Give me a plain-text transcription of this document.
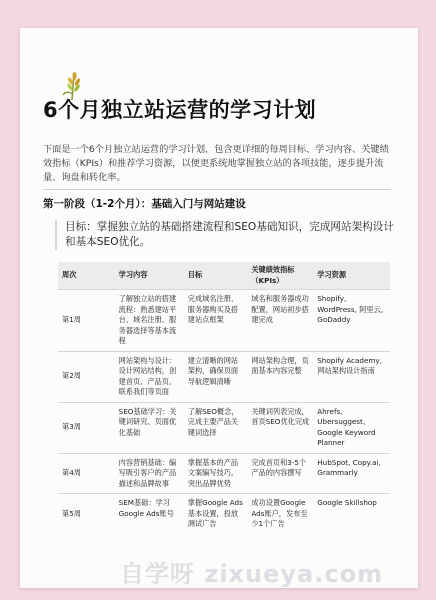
6个月独立站运营的学习计划
下面是一个6个月独立站运营的学习计划，包含更详细的每周目标、学习内容、关键绩效指标（KPIs）和推荐学习资源，以便更系统地掌握独立站的各项技能，逐步提升流量、询盘和转化率。
第一阶段（1-2个月）：基础入门与网站建设
目标：掌握独立站的基础搭建流程和SEO基础知识，完成网站架构设计和基本SEO优化。
周次	学习内容	目标	关键绩效指标（KPIs）	学习资源
第1周	了解独立站的搭建流程：熟悉建站平台、域名注册、服务器选择等基本流程	完成域名注册、服务器购买及搭建站点框架	域名和服务器成功配置，网站初步搭建完成	Shopify, WordPress, 阿里云, GoDaddy
第2周	网站架构与设计：设计网站结构，创建首页、产品页、联系我们等页面	建立清晰的网站架构，确保页面导航逻辑清晰	网站架构合理，页面基本内容完整	Shopify Academy, 网站架构设计指南
第3周	SEO基础学习：关键词研究、页面优化基础	了解SEO概念，完成主要产品关键词选择	关键词列表完成，首页SEO优化完成	Ahrefs、Ubersuggest、Google Keyword Planner
第4周	内容营销基础：编写吸引客户的产品描述和品牌故事	掌握基本的产品文案编写技巧，突出品牌优势	完成首页和3-5个产品的内容撰写	HubSpot, Copy.ai, Grammarly
第5周	SEM基础：学习Google Ads账号	掌握Google Ads基本设置，投放测试广告	成功设置Google Ads账户，发布至少1个广告	Google Skillshop
自学呀 zixueya.com
